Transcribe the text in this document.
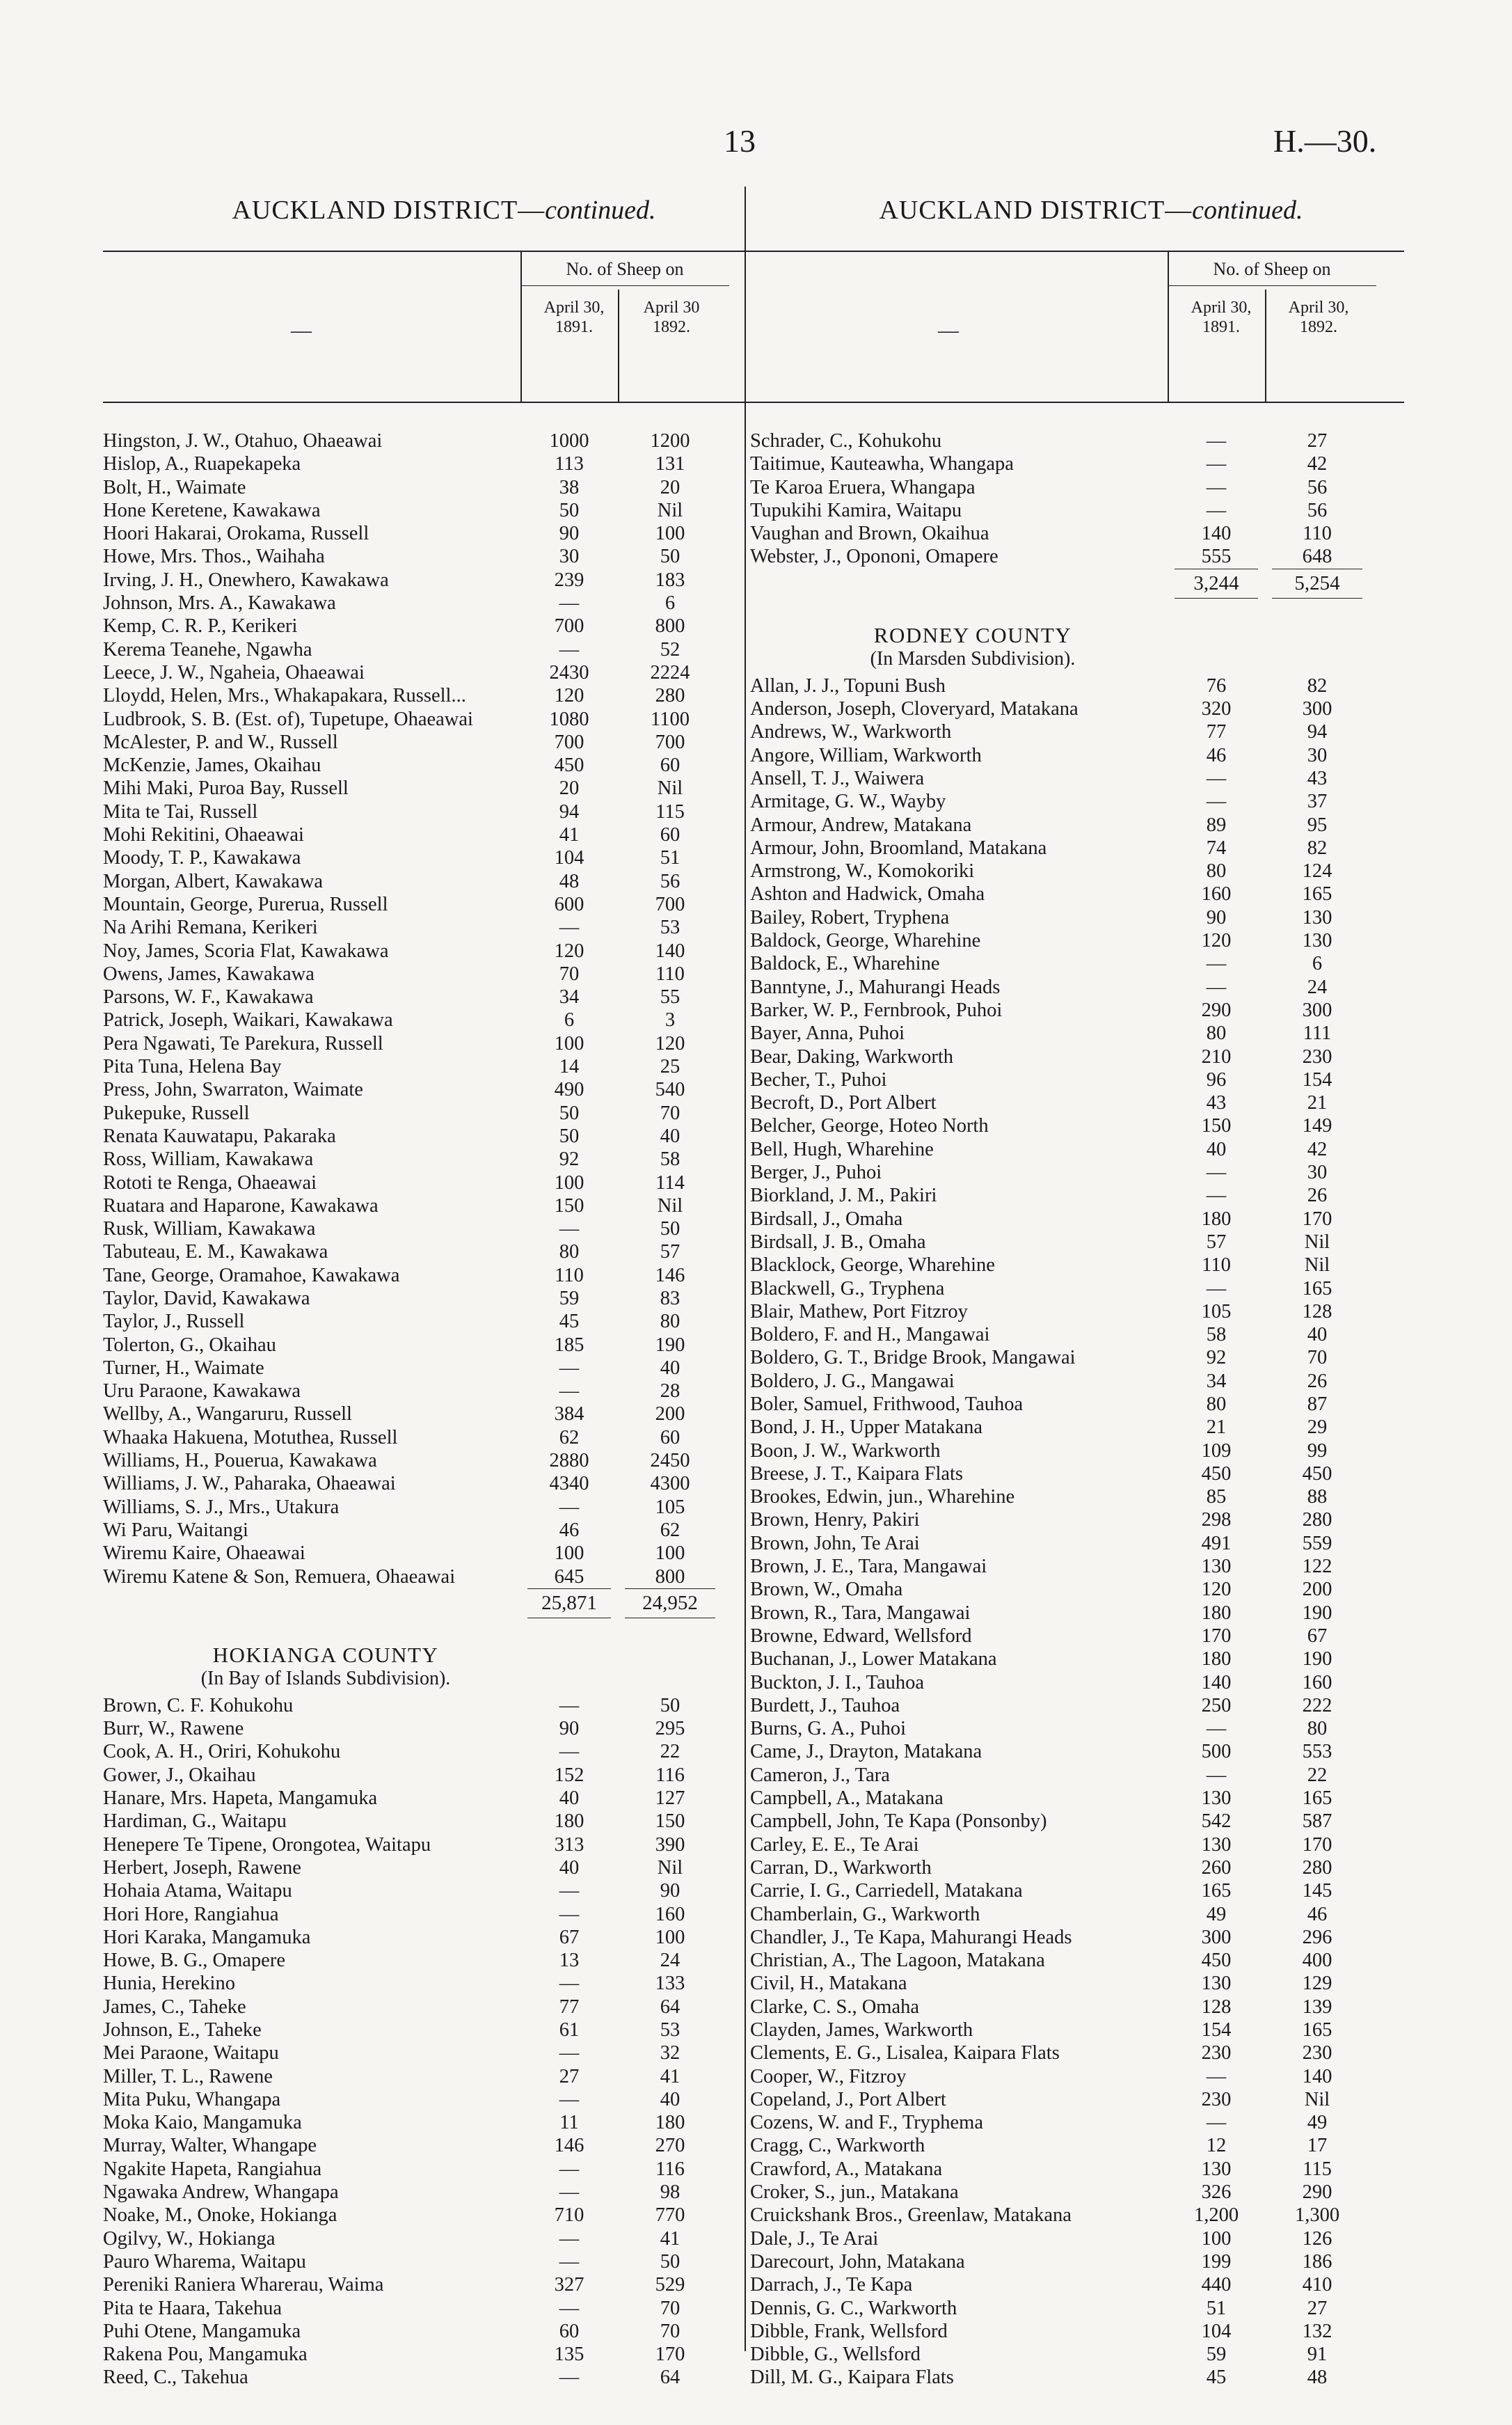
13	H.—30.
AUCKLAND DISTRICT—continued.
—
No. of Sheep on
April 30, 1891.
April 30 1892.
Hingston, J. W., Otahuo, Ohaeawai	1000	1200
Hislop, A., Ruapekapeka	113	131
Bolt, H., Waimate	38	20
Hone Keretene, Kawakawa	50	Nil
Hoori Hakarai, Orokama, Russell	90	100
Howe, Mrs. Thos., Waihaha	30	50
Irving, J. H., Onewhero, Kawakawa	239	183
Johnson, Mrs. A., Kawakawa	—	6
Kemp, C. R. P., Kerikeri	700	800
Kerema Teanehe, Ngawha	—	52
Leece, J. W., Ngaheia, Ohaeawai	2430	2224
Lloydd, Helen, Mrs., Whakapakara, Russell...	120	280
Ludbrook, S. B. (Est. of), Tupetupe, Ohaeawai	1080	1100
McAlester, P. and W., Russell	700	700
McKenzie, James, Okaihau	450	60
Mihi Maki, Puroa Bay, Russell	20	Nil
Mita te Tai, Russell	94	115
Mohi Rekitini, Ohaeawai	41	60
Moody, T. P., Kawakawa	104	51
Morgan, Albert, Kawakawa	48	56
Mountain, George, Purerua, Russell	600	700
Na Arihi Remana, Kerikeri	—	53
Noy, James, Scoria Flat, Kawakawa	120	140
Owens, James, Kawakawa	70	110
Parsons, W. F., Kawakawa	34	55
Patrick, Joseph, Waikari, Kawakawa	6	3
Pera Ngawati, Te Parekura, Russell	100	120
Pita Tuna, Helena Bay	14	25
Press, John, Swarraton, Waimate	490	540
Pukepuke, Russell	50	70
Renata Kauwatapu, Pakaraka	50	40
Ross, William, Kawakawa	92	58
Rototi te Renga, Ohaeawai	100	114
Ruatara and Haparone, Kawakawa	150	Nil
Rusk, William, Kawakawa	—	50
Tabuteau, E. M., Kawakawa	80	57
Tane, George, Oramahoe, Kawakawa	110	146
Taylor, David, Kawakawa	59	83
Taylor, J., Russell	45	80
Tolerton, G., Okaihau	185	190
Turner, H., Waimate	—	40
Uru Paraone, Kawakawa	—	28
Wellby, A., Wangaruru, Russell	384	200
Whaaka Hakuena, Motuthea, Russell	62	60
Williams, H., Pouerua, Kawakawa	2880	2450
Williams, J. W., Paharaka, Ohaeawai	4340	4300
Williams, S. J., Mrs., Utakura	—	105
Wi Paru, Waitangi	46	62
Wiremu Kaire, Ohaeawai	100	100
Wiremu Katene & Son, Remuera, Ohaeawai	645	800
25,871	24,952
HOKIANGA COUNTY
(In Bay of Islands Subdivision).
Brown, C. F. Kohukohu	—	50
Burr, W., Rawene	90	295
Cook, A. H., Oriri, Kohukohu	—	22
Gower, J., Okaihau	152	116
Hanare, Mrs. Hapeta, Mangamuka	40	127
Hardiman, G., Waitapu	180	150
Henepere Te Tipene, Orongotea, Waitapu	313	390
Herbert, Joseph, Rawene	40	Nil
Hohaia Atama, Waitapu	—	90
Hori Hore, Rangiahua	—	160
Hori Karaka, Mangamuka	67	100
Howe, B. G., Omapere	13	24
Hunia, Herekino	—	133
James, C., Taheke	77	64
Johnson, E., Taheke	61	53
Mei Paraone, Waitapu	—	32
Miller, T. L., Rawene	27	41
Mita Puku, Whangapa	—	40
Moka Kaio, Mangamuka	11	180
Murray, Walter, Whangape	146	270
Ngakite Hapeta, Rangiahua	—	116
Ngawaka Andrew, Whangapa	—	98
Noake, M., Onoke, Hokianga	710	770
Ogilvy, W., Hokianga	—	41
Pauro Wharema, Waitapu	—	50
Pereniki Raniera Wharerau, Waima	327	529
Pita te Haara, Takehua	—	70
Puhi Otene, Mangamuka	60	70
Rakena Pou, Mangamuka	135	170
Reed, C., Takehua	—	64
AUCKLAND DISTRICT—continued.
—
No. of Sheep on
April 30, 1891.
April 30, 1892.
Schrader, C., Kohukohu	—	27
Taitimue, Kauteawha, Whangapa	—	42
Te Karoa Eruera, Whangapa	—	56
Tupukihi Kamira, Waitapu	—	56
Vaughan and Brown, Okaihua	140	110
Webster, J., Opononi, Omapere	555	648
3,244	5,254
RODNEY COUNTY
(In Marsden Subdivision).
Allan, J. J., Topuni Bush	76	82
Anderson, Joseph, Cloveryard, Matakana	320	300
Andrews, W., Warkworth	77	94
Angore, William, Warkworth	46	30
Ansell, T. J., Waiwera	—	43
Armitage, G. W., Wayby	—	37
Armour, Andrew, Matakana	89	95
Armour, John, Broomland, Matakana	74	82
Armstrong, W., Komokoriki	80	124
Ashton and Hadwick, Omaha	160	165
Bailey, Robert, Tryphena	90	130
Baldock, George, Wharehine	120	130
Baldock, E., Wharehine	—	6
Banntyne, J., Mahurangi Heads	—	24
Barker, W. P., Fernbrook, Puhoi	290	300
Bayer, Anna, Puhoi	80	111
Bear, Daking, Warkworth	210	230
Becher, T., Puhoi	96	154
Becroft, D., Port Albert	43	21
Belcher, George, Hoteo North	150	149
Bell, Hugh, Wharehine	40	42
Berger, J., Puhoi	—	30
Biorkland, J. M., Pakiri	—	26
Birdsall, J., Omaha	180	170
Birdsall, J. B., Omaha	57	Nil
Blacklock, George, Wharehine	110	Nil
Blackwell, G., Tryphena	—	165
Blair, Mathew, Port Fitzroy	105	128
Boldero, F. and H., Mangawai	58	40
Boldero, G. T., Bridge Brook, Mangawai	92	70
Boldero, J. G., Mangawai	34	26
Boler, Samuel, Frithwood, Tauhoa	80	87
Bond, J. H., Upper Matakana	21	29
Boon, J. W., Warkworth	109	99
Breese, J. T., Kaipara Flats	450	450
Brookes, Edwin, jun., Wharehine	85	88
Brown, Henry, Pakiri	298	280
Brown, John, Te Arai	491	559
Brown, J. E., Tara, Mangawai	130	122
Brown, W., Omaha	120	200
Brown, R., Tara, Mangawai	180	190
Browne, Edward, Wellsford	170	67
Buchanan, J., Lower Matakana	180	190
Buckton, J. I., Tauhoa	140	160
Burdett, J., Tauhoa	250	222
Burns, G. A., Puhoi	—	80
Came, J., Drayton, Matakana	500	553
Cameron, J., Tara	—	22
Campbell, A., Matakana	130	165
Campbell, John, Te Kapa (Ponsonby)	542	587
Carley, E. E., Te Arai	130	170
Carran, D., Warkworth	260	280
Carrie, I. G., Carriedell, Matakana	165	145
Chamberlain, G., Warkworth	49	46
Chandler, J., Te Kapa, Mahurangi Heads	300	296
Christian, A., The Lagoon, Matakana	450	400
Civil, H., Matakana	130	129
Clarke, C. S., Omaha	128	139
Clayden, James, Warkworth	154	165
Clements, E. G., Lisalea, Kaipara Flats	230	230
Cooper, W., Fitzroy	—	140
Copeland, J., Port Albert	230	Nil
Cozens, W. and F., Tryphema	—	49
Cragg, C., Warkworth	12	17
Crawford, A., Matakana	130	115
Croker, S., jun., Matakana	326	290
Cruickshank Bros., Greenlaw, Matakana	1,200	1,300
Dale, J., Te Arai	100	126
Darecourt, John, Matakana	199	186
Darrach, J., Te Kapa	440	410
Dennis, G. C., Warkworth	51	27
Dibble, Frank, Wellsford	104	132
Dibble, G., Wellsford	59	91
Dill, M. G., Kaipara Flats	45	48
